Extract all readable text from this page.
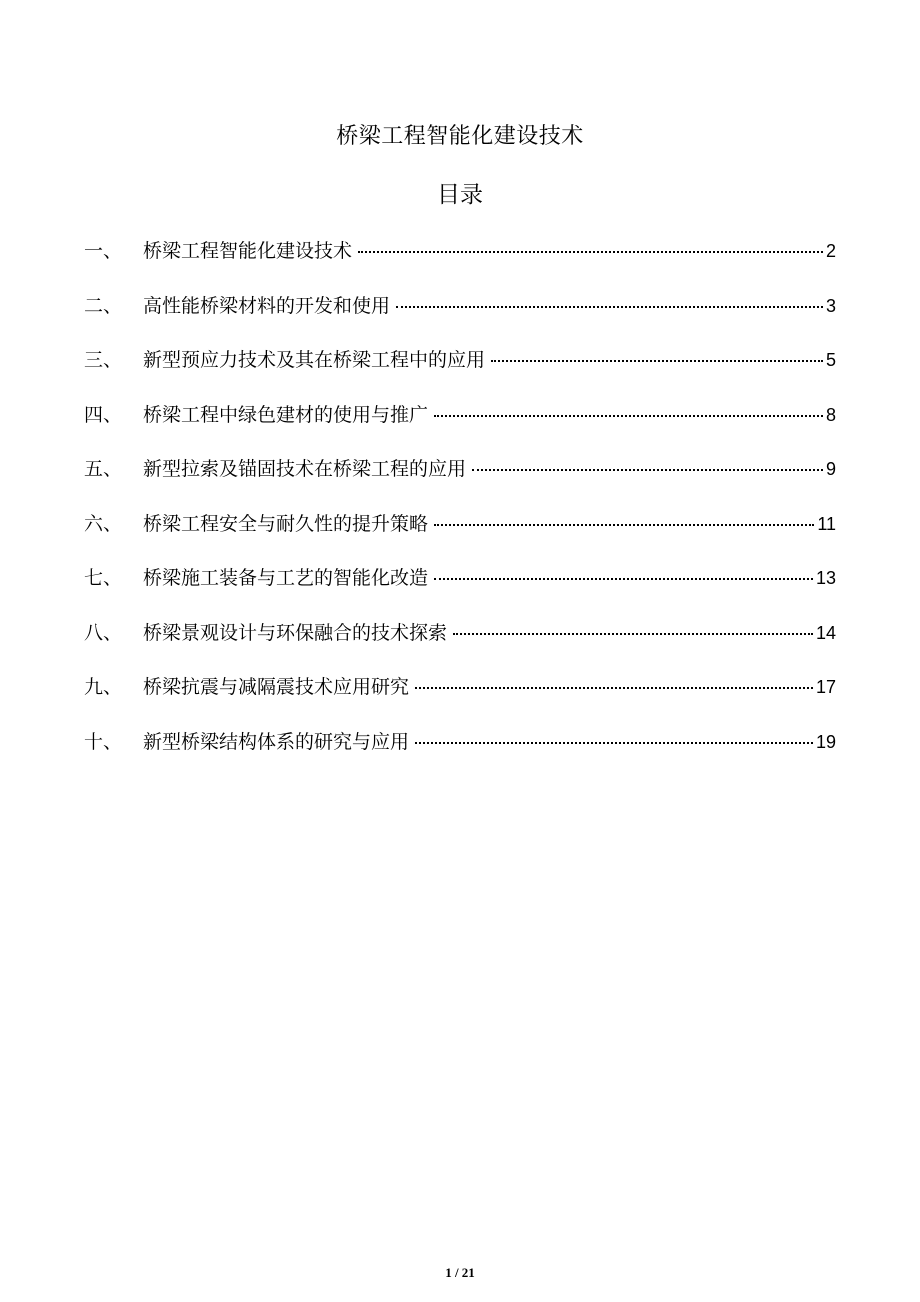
桥梁工程智能化建设技术
目录
一、	桥梁工程智能化建设技术	2
二、	高性能桥梁材料的开发和使用	3
三、	新型预应力技术及其在桥梁工程中的应用	5
四、	桥梁工程中绿色建材的使用与推广	8
五、	新型拉索及锚固技术在桥梁工程的应用	9
六、	桥梁工程安全与耐久性的提升策略	11
七、	桥梁施工装备与工艺的智能化改造	13
八、	桥梁景观设计与环保融合的技术探索	14
九、	桥梁抗震与减隔震技术应用研究	17
十、	新型桥梁结构体系的研究与应用	19
1 / 21
